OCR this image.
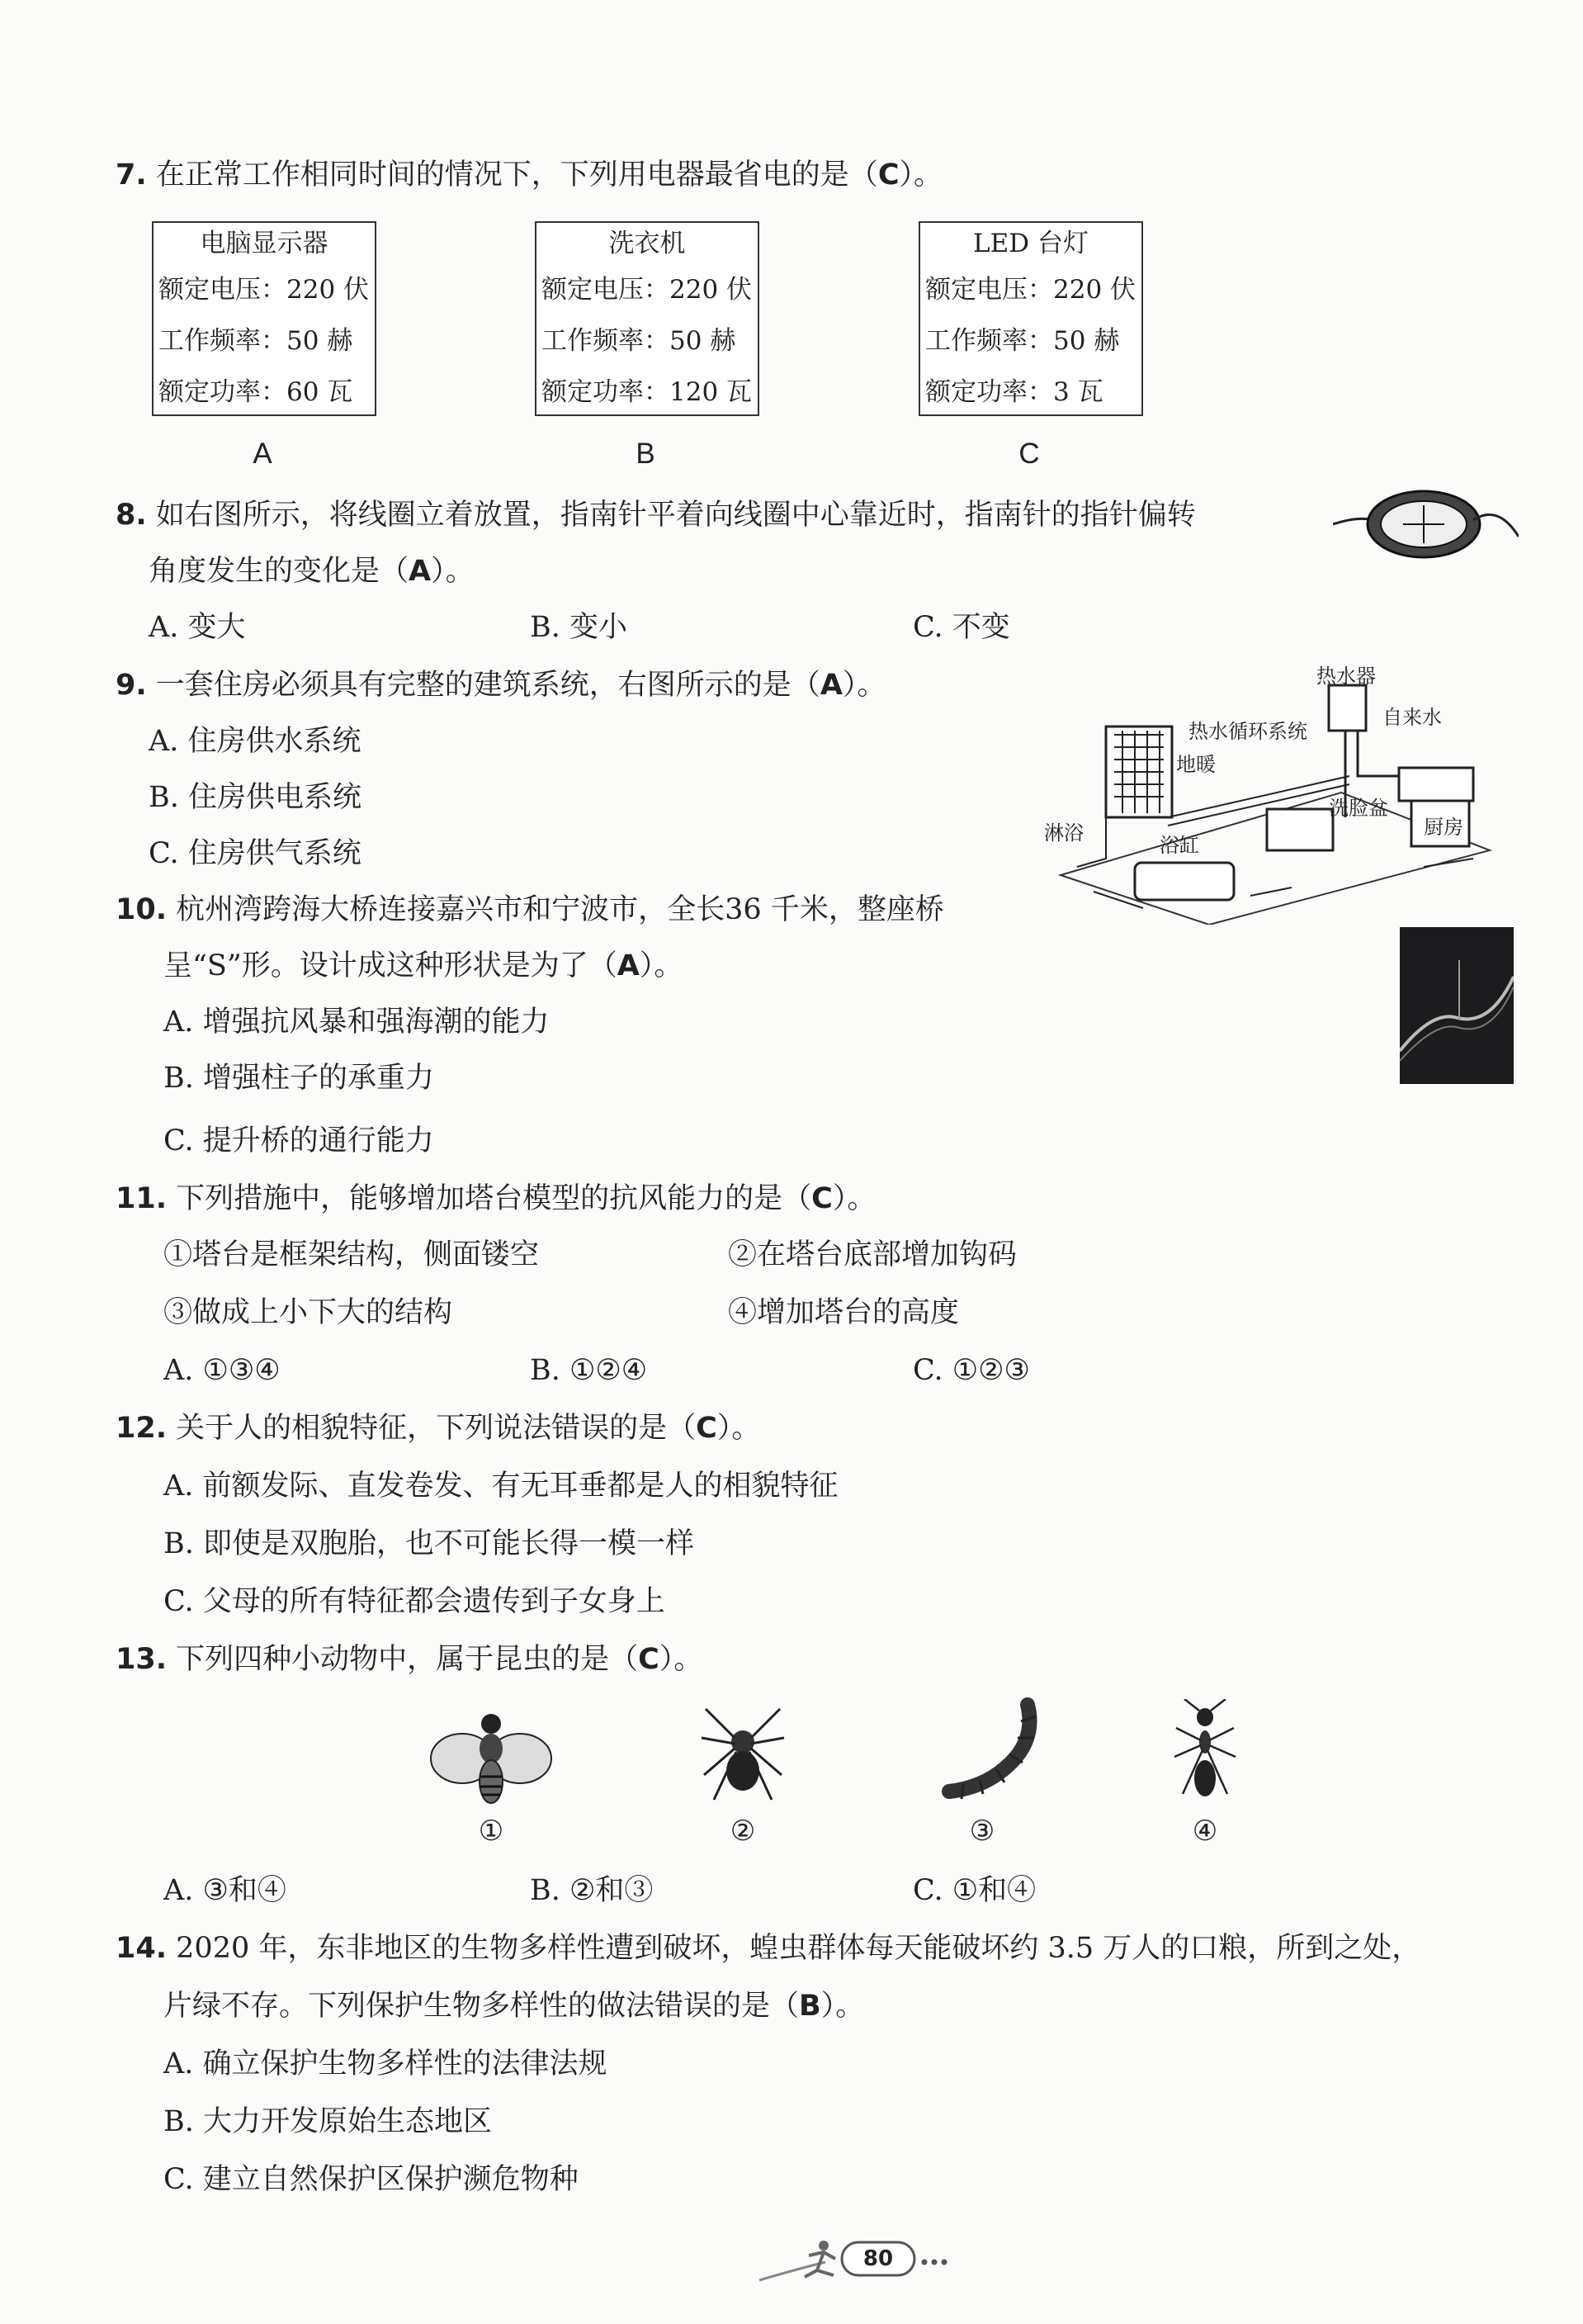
7. 在正常工作相同时间的情况下，下列用电器最省电的是（C）。
电脑显示器
额定电压：220 伏
工作频率：50 赫
额定功率：60 瓦
洗衣机
额定电压：220 伏
工作频率：50 赫
额定功率：120 瓦
LED 台灯
额定电压：220 伏
工作频率：50 赫
额定功率：3 瓦
A	B	C
8. 如右图所示，将线圈立着放置，指南针平着向线圈中心靠近时，指南针的指针偏转
角度发生的变化是（A）。
A. 变大	B. 变小	C. 不变
9. 一套住房必须具有完整的建筑系统，右图所示的是（A）。
A. 住房供水系统
B. 住房供电系统
C. 住房供气系统
热水器
自来水
热水循环系统
地暖
淋浴
洗脸盆
浴缸
厨房
10. 杭州湾跨海大桥连接嘉兴市和宁波市，全长36 千米，整座桥
呈“S”形。设计成这种形状是为了（A）。
A. 增强抗风暴和强海潮的能力
B. 增强柱子的承重力
C. 提升桥的通行能力
11. 下列措施中，能够增加塔台模型的抗风能力的是（C）。
①塔台是框架结构，侧面镂空	②在塔台底部增加钩码
③做成上小下大的结构	④增加塔台的高度
A. ①③④	B. ①②④	C. ①②③
12. 关于人的相貌特征，下列说法错误的是（C）。
A. 前额发际、直发卷发、有无耳垂都是人的相貌特征
B. 即使是双胞胎，也不可能长得一模一样
C. 父母的所有特征都会遗传到子女身上
13. 下列四种小动物中，属于昆虫的是（C）。
①	②	③	④
A. ③和④	B. ②和③	C. ①和④
14. 2020 年，东非地区的生物多样性遭到破坏，蝗虫群体每天能破坏约 3.5 万人的口粮，所到之处，
片绿不存。下列保护生物多样性的做法错误的是（B）。
A. 确立保护生物多样性的法律法规
B. 大力开发原始生态地区
C. 建立自然保护区保护濒危物种
80
